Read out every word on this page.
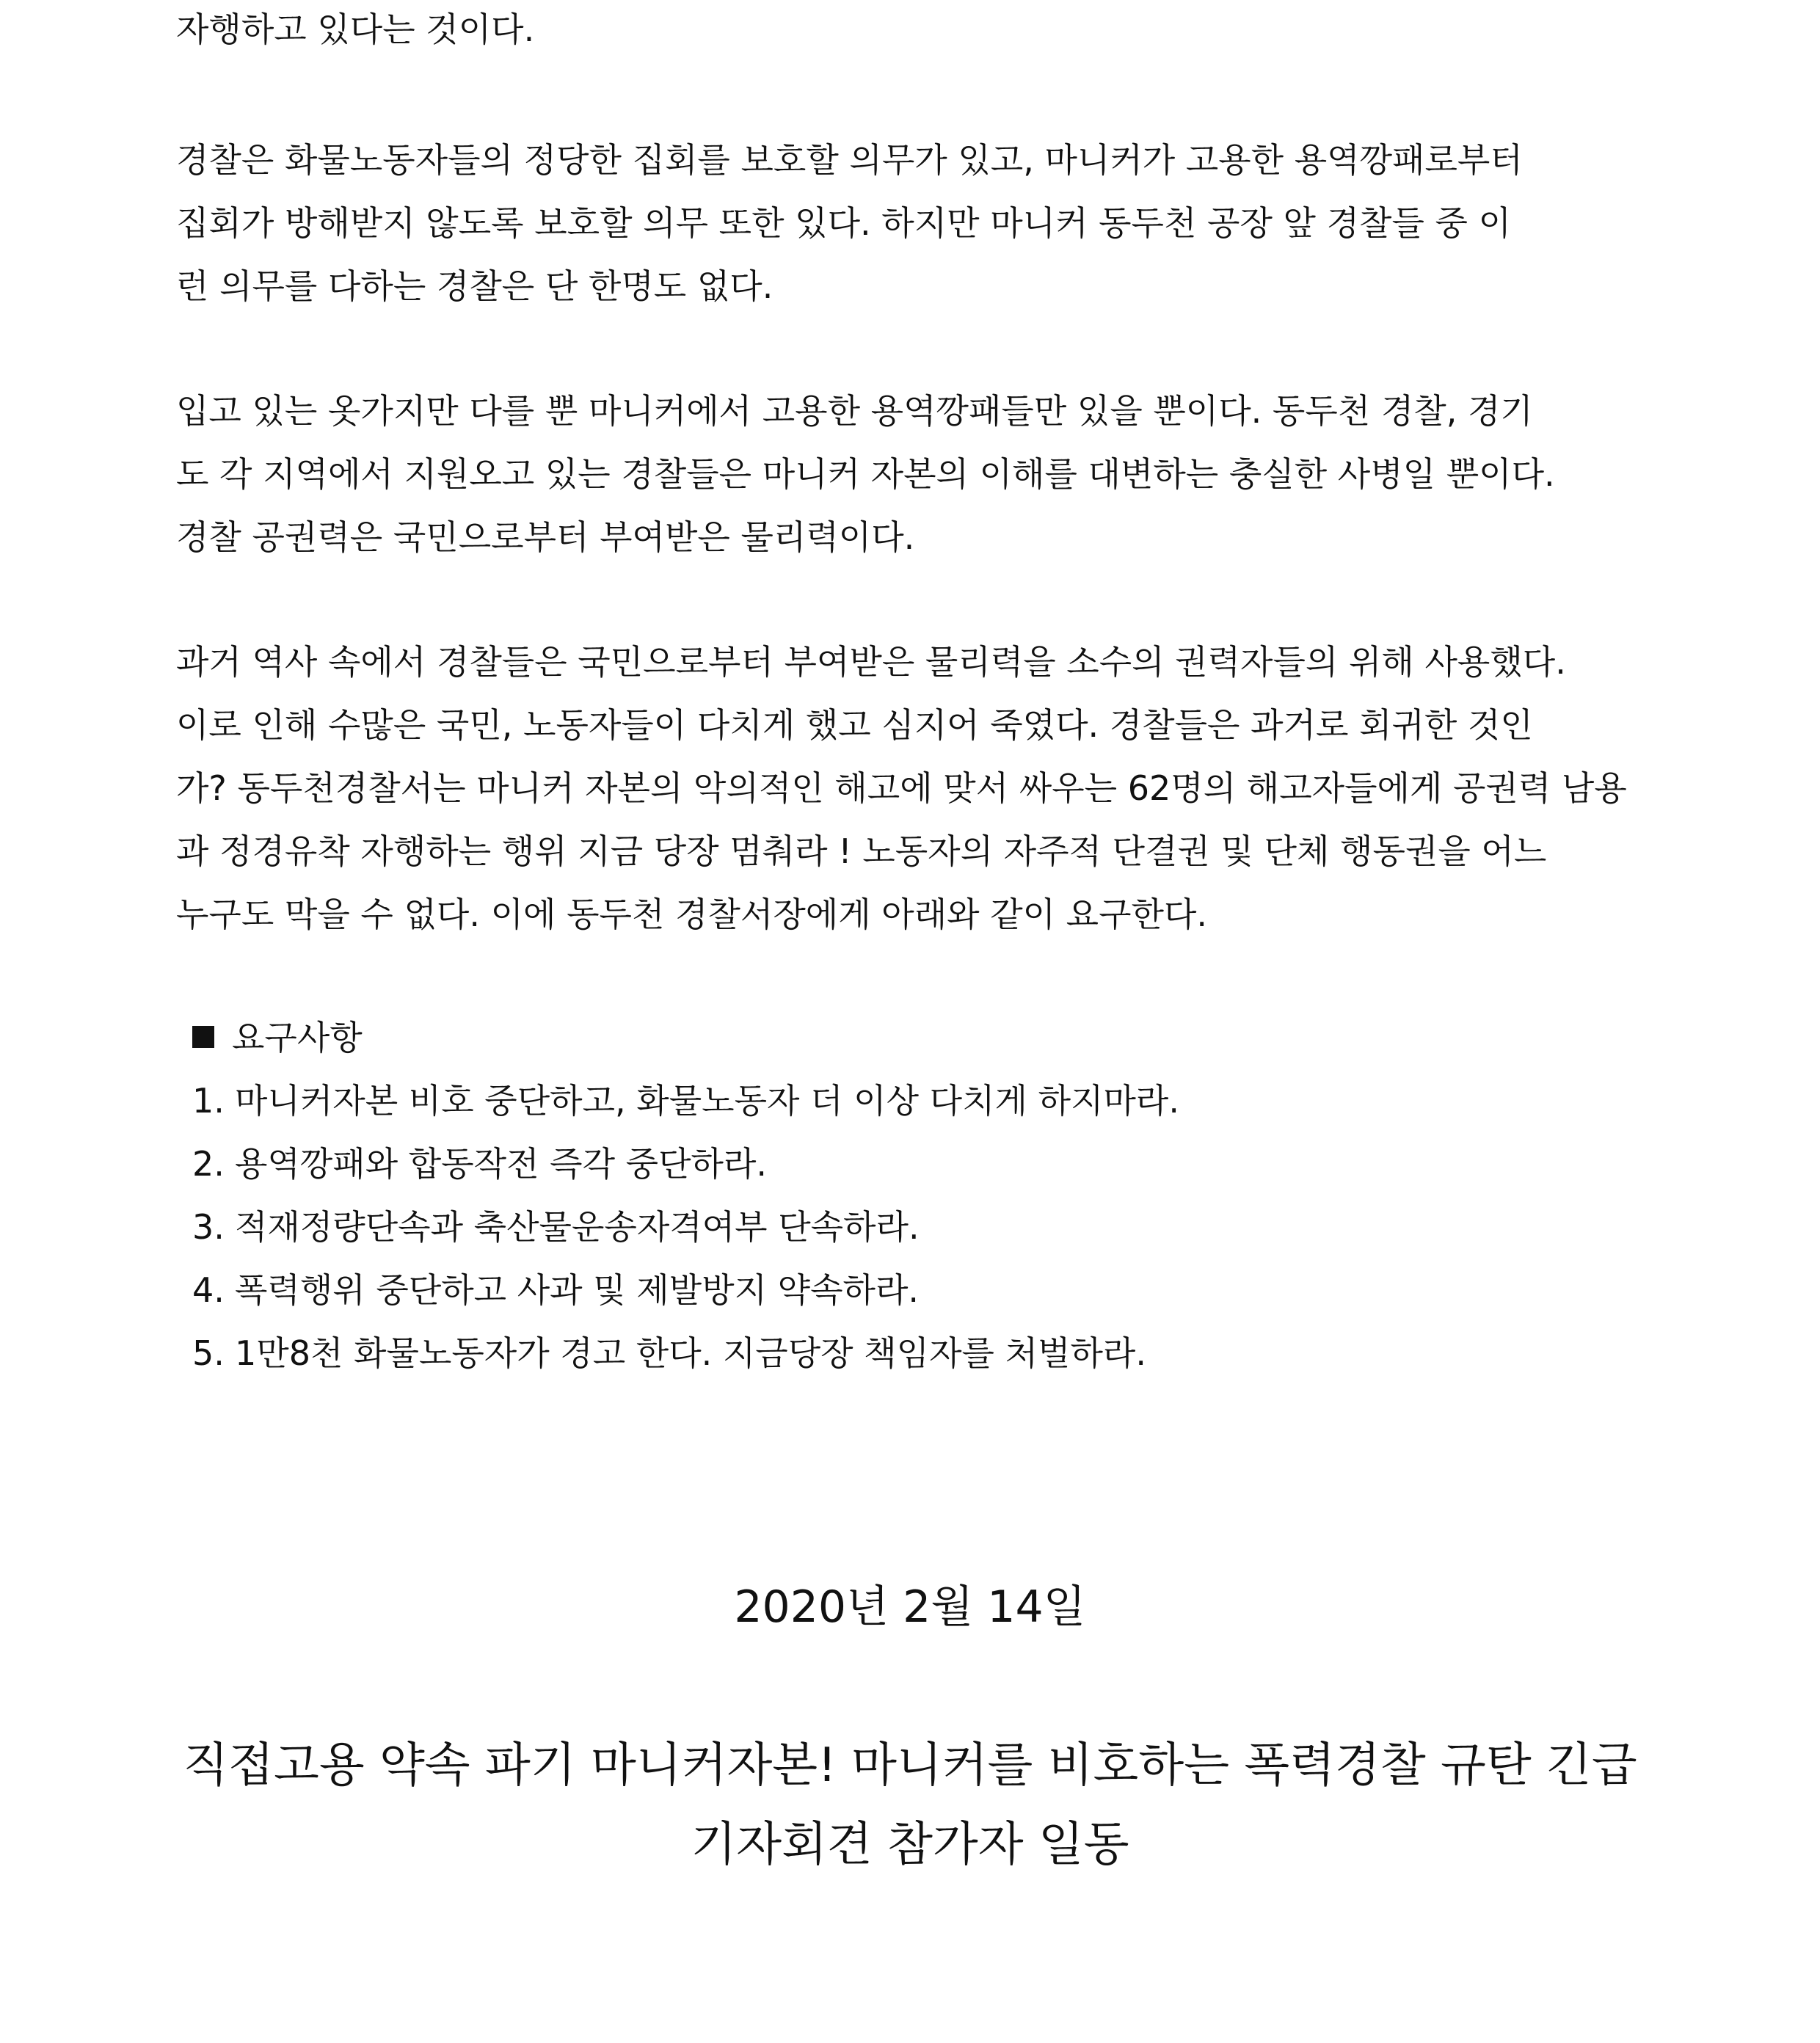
자행하고 있다는 것이다.
경찰은 화물노동자들의 정당한 집회를 보호할 의무가 있고, 마니커가 고용한 용역깡패로부터
집회가 방해받지 않도록 보호할 의무 또한 있다. 하지만 마니커 동두천 공장 앞 경찰들 중 이
런 의무를 다하는 경찰은 단 한명도 없다.
입고 있는 옷가지만 다를 뿐 마니커에서 고용한 용역깡패들만 있을 뿐이다. 동두천 경찰, 경기
도 각 지역에서 지원오고 있는 경찰들은 마니커 자본의 이해를 대변하는 충실한 사병일 뿐이다.
경찰 공권력은 국민으로부터 부여받은 물리력이다.
과거 역사 속에서 경찰들은 국민으로부터 부여받은 물리력을 소수의 권력자들의 위해 사용했다.
이로 인해 수많은 국민, 노동자들이 다치게 했고 심지어 죽였다. 경찰들은 과거로 회귀한 것인
가? 동두천경찰서는 마니커 자본의 악의적인 해고에 맞서 싸우는 62명의 해고자들에게 공권력 남용
과 정경유착 자행하는 행위 지금 당장 멈춰라 ! 노동자의 자주적 단결권 및 단체 행동권을 어느
누구도 막을 수 없다. 이에 동두천 경찰서장에게 아래와 같이 요구한다.
요구사항
1. 마니커자본 비호 중단하고, 화물노동자 더 이상 다치게 하지마라.
2. 용역깡패와 합동작전 즉각 중단하라.
3. 적재정량단속과 축산물운송자격여부 단속하라.
4. 폭력행위 중단하고 사과 및 제발방지 약속하라.
5. 1만8천 화물노동자가 경고 한다. 지금당장 책임자를 처벌하라.
2020년 2월 14일
직접고용 약속 파기 마니커자본! 마니커를 비호하는 폭력경찰 규탄 긴급
기자회견 참가자 일동
